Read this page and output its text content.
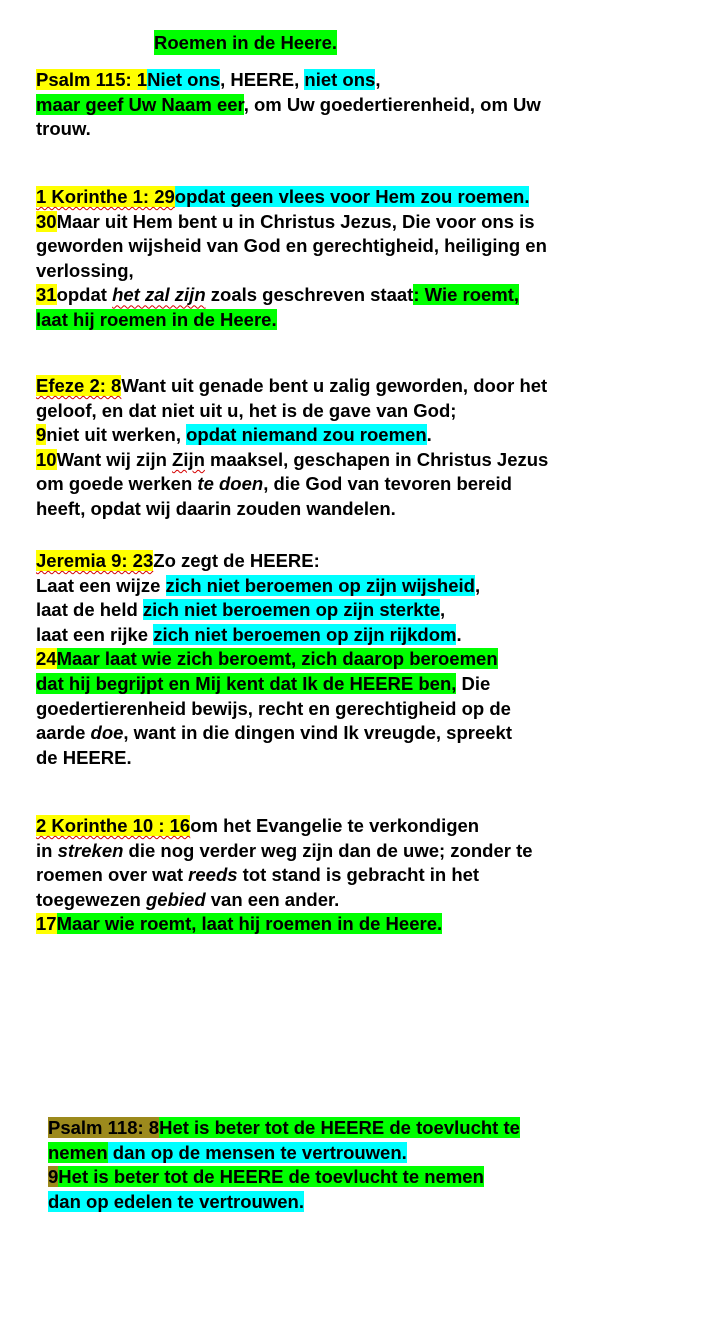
Roemen in de Heere.
Psalm 115: 1Niet ons, HEERE, niet ons,
maar geef Uw Naam eer, om Uw goedertierenheid, om Uw
trouw.
1 Korinthe 1: 29opdat geen vlees voor Hem zou roemen.
30Maar uit Hem bent u in Christus Jezus, Die voor ons is
geworden wijsheid van God en gerechtigheid, heiliging en
verlossing,
31opdat het zal zijn zoals geschreven staat: Wie roemt,
laat hij roemen in de Heere.
Efeze 2: 8Want uit genade bent u zalig geworden, door het
geloof, en dat niet uit u, het is de gave van God;
9niet uit werken, opdat niemand zou roemen.
10Want wij zijn Zijn maaksel, geschapen in Christus Jezus
om goede werken te doen, die God van tevoren bereid
heeft, opdat wij daarin zouden wandelen.
Jeremia 9: 23Zo zegt de HEERE:
Laat een wijze zich niet beroemen op zijn wijsheid,
laat de held zich niet beroemen op zijn sterkte,
laat een rijke zich niet beroemen op zijn rijkdom.
24Maar laat wie zich beroemt, zich daarop beroemen
dat hij begrijpt en Mij kent dat Ik de HEERE ben, Die
goedertierenheid bewijs, recht en gerechtigheid op de
aarde doe, want in die dingen vind Ik vreugde, spreekt
de HEERE.
2 Korinthe 10 : 16om het Evangelie te verkondigen
in streken die nog verder weg zijn dan de uwe; zonder te
roemen over wat reeds tot stand is gebracht in het
toegewezen gebied van een ander.
17Maar wie roemt, laat hij roemen in de Heere.
Psalm 118: 8Het is beter tot de HEERE de toevlucht te
nemen dan op de mensen te vertrouwen.
9Het is beter tot de HEERE de toevlucht te nemen
dan op edelen te vertrouwen.
